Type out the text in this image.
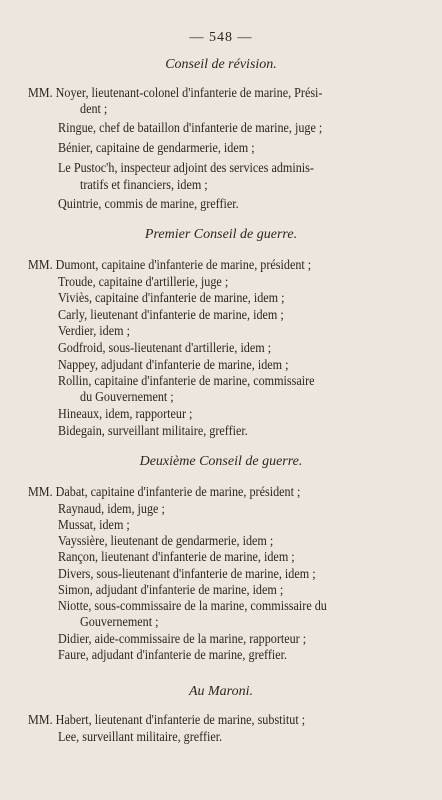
— 548 —
Conseil de révision.
MM. Noyer, lieutenant-colonel d'infanterie de marine, Prési-
dent ;
Ringue, chef de bataillon d'infanterie de marine, juge ;
Bénier, capitaine de gendarmerie, idem ;
Le Pustoc'h, inspecteur adjoint des services adminis-
tratifs et financiers, idem ;
Quintrie, commis de marine, greffier.
Premier Conseil de guerre.
MM. Dumont, capitaine d'infanterie de marine, président ;
Troude, capitaine d'artillerie, juge ;
Viviès, capitaine d'infanterie de marine, idem ;
Carly, lieutenant d'infanterie de marine, idem ;
Verdier, idem ;
Godfroid, sous-lieutenant d'artillerie, idem ;
Nappey, adjudant d'infanterie de marine, idem ;
Rollin, capitaine d'infanterie de marine, commissaire
du Gouvernement ;
Hineaux, idem, rapporteur ;
Bidegain, surveillant militaire, greffier.
Deuxième Conseil de guerre.
MM. Dabat, capitaine d'infanterie de marine, président ;
Raynaud, idem, juge ;
Mussat, idem ;
Vayssière, lieutenant de gendarmerie, idem ;
Rançon, lieutenant d'infanterie de marine, idem ;
Divers, sous-lieutenant d'infanterie de marine, idem ;
Simon, adjudant d'infanterie de marine, idem ;
Niotte, sous-commissaire de la marine, commissaire du
Gouvernement ;
Didier, aide-commissaire de la marine, rapporteur ;
Faure, adjudant d'infanterie de marine, greffier.
Au Maroni.
MM. Habert, lieutenant d'infanterie de marine, substitut ;
Lee, surveillant militaire, greffier.
